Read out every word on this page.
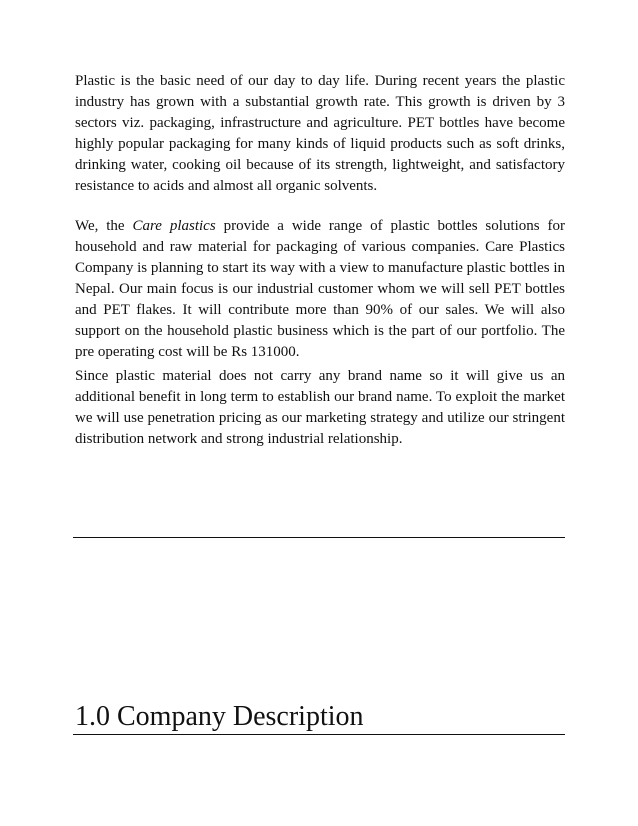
Plastic is the basic need of our day to day life. During recent years the plastic industry has grown with a substantial growth rate. This growth is driven by 3 sectors viz. packaging, infrastructure and agriculture. PET bottles have become highly popular packaging for many kinds of liquid products such as soft drinks, drinking water, cooking oil because of its strength, lightweight, and satisfactory resistance to acids and almost all organic solvents.

We, the Care plastics provide a wide range of plastic bottles solutions for household and raw material for packaging of various companies. Care Plastics Company is planning to start its way with a view to manufacture plastic bottles in Nepal. Our main focus is our industrial customer whom we will sell PET bottles and PET flakes. It will contribute more than 90% of our sales. We will also support on the household plastic business which is the part of our portfolio. The pre operating cost will be Rs 131000.

Since plastic material does not carry any brand name so it will give us an additional benefit in long term to establish our brand name. To exploit the market we will use penetration pricing as our marketing strategy and utilize our stringent distribution network and strong industrial relationship.

1.0 Company Description
